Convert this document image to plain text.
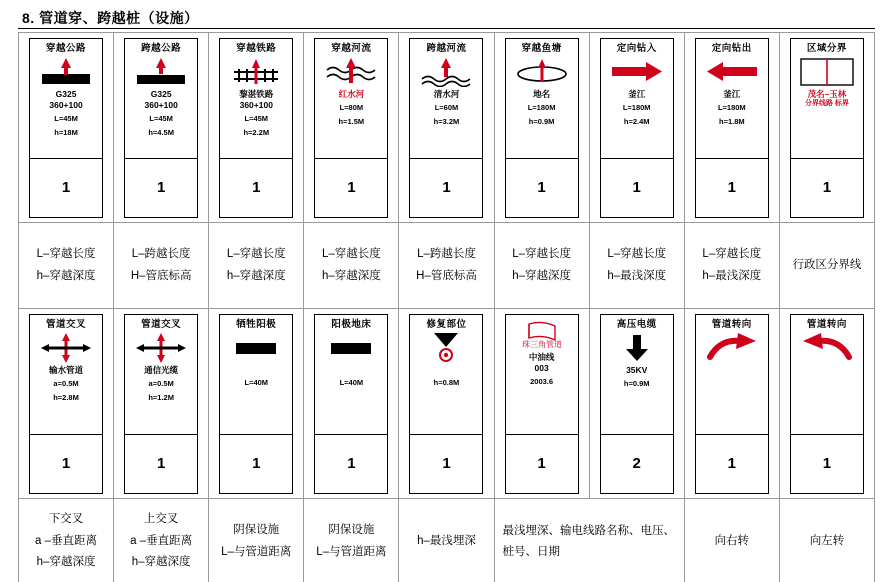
8. 管道穿、跨越桩（设施）
穿越公路
G325
360+100
L=45M
h=18M
1

跨越公路
G325
360+100
L=45M
h=4.5M
1

穿越铁路
黎湛铁路
360+100
L=45M
h=2.2M
1

穿越河流
红水河
L=80M
h=1.5M
1

跨越河流
清水河
L=60M
h=3.2M
1

穿越鱼塘
地名
L=180M
h=0.9M
1

定向钻入
釜江
L=180M
h=2.4M
1

定向钻出
釜江
L=180M
h=1.8M
1

区域分界
茂名–玉林
分界线路 标界
1

L–穿越长度
h–穿越深度

L–跨越长度
H–管底标高

L–穿越长度
h–穿越深度

L–穿越长度
h–穿越深度

L–跨越长度
H–管底标高

L–穿越长度
h–穿越深度

L–穿越长度
h–最浅深度

L–穿越长度
h–最浅深度

行政区分界线

管道交叉
输水管道
a=0.5M
h=2.8M
1

管道交叉
通信光缆
a=0.5M
h=1.2M
1

牺牲阳极
L=40M
1

阳极地床
L=40M
1

修复部位
h=0.8M
1

珠三角管道
中油线
003
2003.6
1

高压电缆
35KV
h=0.9M
2

管道转向
1

管道转向
1

下交叉
a –垂直距离
h–穿越深度

上交叉
a –垂直距离
h–穿越深度

阴保设施
L–与管道距离

阴保设施
L–与管道距离

h–最浅埋深

最浅埋深、输电线路名称、电压、桩号、日期

向右转	向左转
